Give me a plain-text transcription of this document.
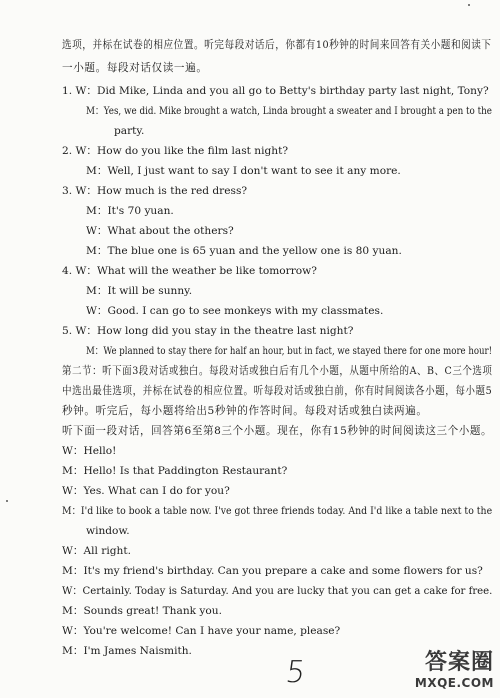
选项，并标在试卷的相应位置。听完每段对话后，你都有10秒钟的时间来回答有关小题和阅读下
一小题。每段对话仅读一遍。
1. W：Did Mike, Linda and you all go to Betty's birthday party last night, Tony?
M：Yes, we did. Mike brought a watch, Linda brought a sweater and I brought a pen to the
party.
2. W：How do you like the film last night?
M：Well, I just want to say I don't want to see it any more.
3. W：How much is the red dress?
M：It's 70 yuan.
W：What about the others?
M：The blue one is 65 yuan and the yellow one is 80 yuan.
4. W：What will the weather be like tomorrow?
M：It will be sunny.
W：Good. I can go to see monkeys with my classmates.
5. W：How long did you stay in the theatre last night?
M：We planned to stay there for half an hour, but in fact, we stayed there for one more hour!
第二节：听下面3段对话或独白。每段对话或独白后有几个小题，从题中所给的A、B、C三个选项
中选出最佳选项，并标在试卷的相应位置。听每段对话或独白前，你有时间阅读各小题，每小题5
秒钟。听完后，每小题将给出5秒钟的作答时间。每段对话或独白读两遍。
听下面一段对话，回答第6至第8三个小题。现在，你有15秒钟的时间阅读这三个小题。
W：Hello!
M：Hello! Is that Paddington Restaurant?
W：Yes. What can I do for you?
M：I'd like to book a table now. I've got three friends today. And I'd like a table next to the
window.
W：All right.
M：It's my friend's birthday. Can you prepare a cake and some flowers for us?
W：Certainly. Today is Saturday. And you are lucky that you can get a cake for free.
M：Sounds great! Thank you.
W：You're welcome! Can I have your name, please?
M：I'm James Naismith.
5	答案圈
MXQE.COM
